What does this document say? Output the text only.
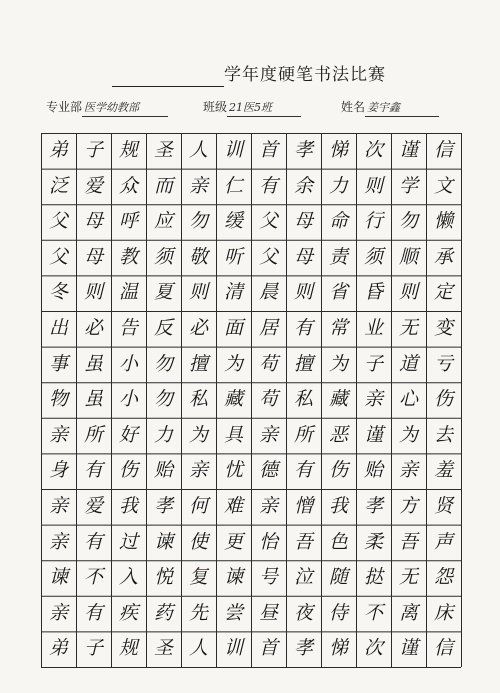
学年度硬笔书法比赛
专业部 医学幼教部	班级 21医5班	姓名 姜宇鑫
弟 子 规 圣 人 训 首 孝 悌 次 谨 信
泛 爱 众 而 亲 仁 有 余 力 则 学 文
父 母 呼 应 勿 缓 父 母 命 行 勿 懒
父 母 教 须 敬 听 父 母 责 须 顺 承
冬 则 温 夏 则 清 晨 则 省 昏 则 定
出 必 告 反 必 面 居 有 常 业 无 变
事 虽 小 勿 擅 为 苟 擅 为 子 道 亏
物 虽 小 勿 私 藏 苟 私 藏 亲 心 伤
亲 所 好 力 为 具 亲 所 恶 谨 为 去
身 有 伤 贻 亲 忧 德 有 伤 贻 亲 羞
亲 爱 我 孝 何 难 亲 憎 我 孝 方 贤
亲 有 过 谏 使 更 怡 吾 色 柔 吾 声
谏 不 入 悦 复 谏 号 泣 随 挞 无 怨
亲 有 疾 药 先 尝 昼 夜 侍 不 离 床
弟 子 规 圣 人 训 首 孝 悌 次 谨 信
